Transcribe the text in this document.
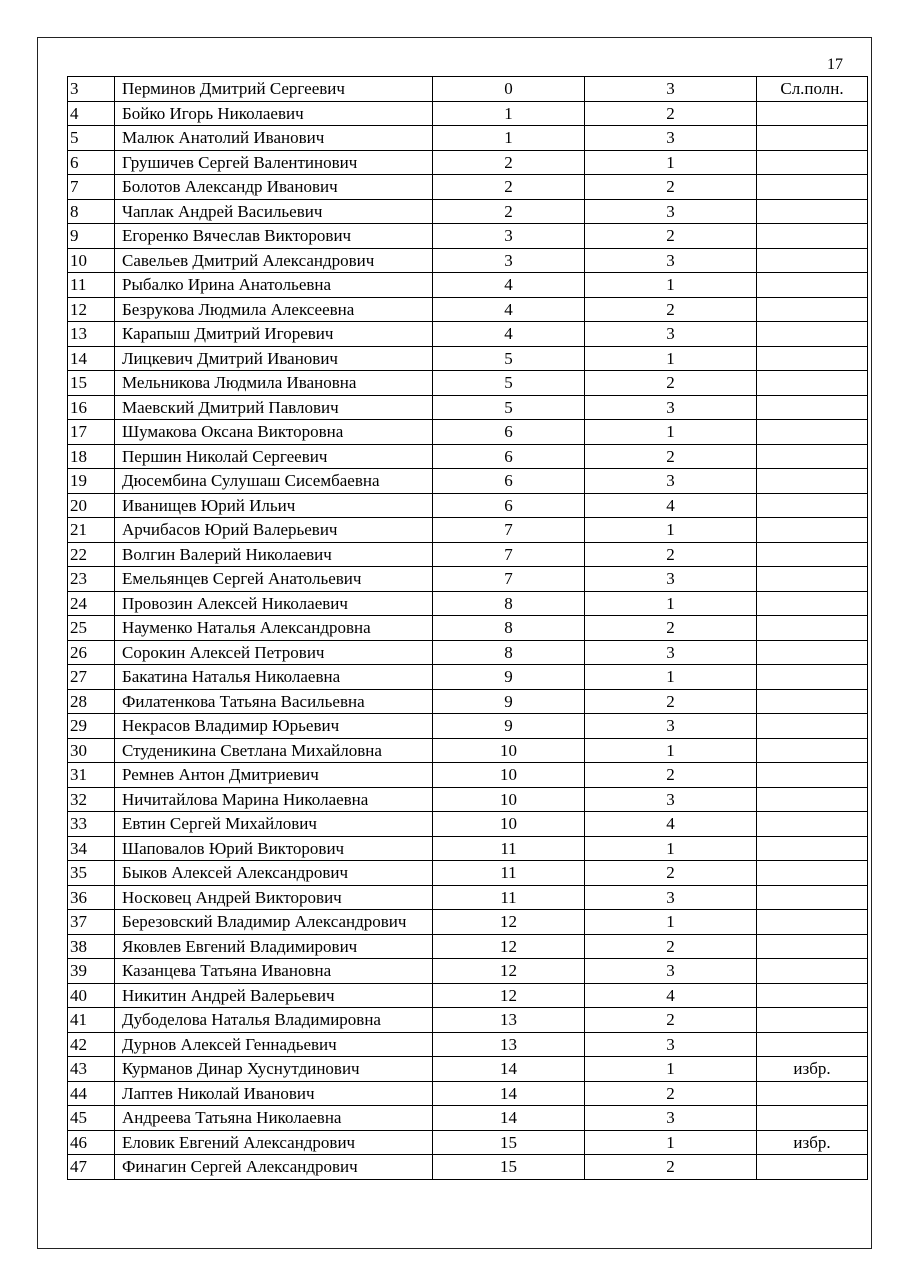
17
3	Перминов Дмитрий Сергеевич	0	3	Сл.полн.
4	Бойко Игорь Николаевич	1	2	
5	Малюк Анатолий Иванович	1	3	
6	Грушичев Сергей Валентинович	2	1	
7	Болотов Александр Иванович	2	2	
8	Чаплак Андрей Васильевич	2	3	
9	Егоренко Вячеслав Викторович	3	2	
10	Савельев Дмитрий Александрович	3	3	
11	Рыбалко Ирина Анатольевна	4	1	
12	Безрукова Людмила Алексеевна	4	2	
13	Карапыш Дмитрий Игоревич	4	3	
14	Лицкевич Дмитрий Иванович	5	1	
15	Мельникова Людмила Ивановна	5	2	
16	Маевский Дмитрий Павлович	5	3	
17	Шумакова Оксана Викторовна	6	1	
18	Першин Николай Сергеевич	6	2	
19	Дюсембина Сулушаш Сисембаевна	6	3	
20	Иванищев Юрий Ильич	6	4	
21	Арчибасов Юрий Валерьевич	7	1	
22	Волгин Валерий Николаевич	7	2	
23	Емельянцев Сергей Анатольевич	7	3	
24	Провозин Алексей Николаевич	8	1	
25	Науменко Наталья Александровна	8	2	
26	Сорокин Алексей Петрович	8	3	
27	Бакатина Наталья Николаевна	9	1	
28	Филатенкова Татьяна Васильевна	9	2	
29	Некрасов Владимир Юрьевич	9	3	
30	Студеникина Светлана Михайловна	10	1	
31	Ремнев Антон Дмитриевич	10	2	
32	Ничитайлова Марина Николаевна	10	3	
33	Евтин Сергей Михайлович	10	4	
34	Шаповалов Юрий Викторович	11	1	
35	Быков Алексей Александрович	11	2	
36	Носковец Андрей Викторович	11	3	
37	Березовский Владимир Александрович	12	1	
38	Яковлев Евгений Владимирович	12	2	
39	Казанцева Татьяна Ивановна	12	3	
40	Никитин Андрей Валерьевич	12	4	
41	Дубоделова Наталья Владимировна	13	2	
42	Дурнов Алексей Геннадьевич	13	3	
43	Курманов Динар Хуснутдинович	14	1	избр.
44	Лаптев Николай Иванович	14	2	
45	Андреева Татьяна Николаевна	14	3	
46	Еловик Евгений Александрович	15	1	избр.
47	Финагин Сергей Александрович	15	2	
